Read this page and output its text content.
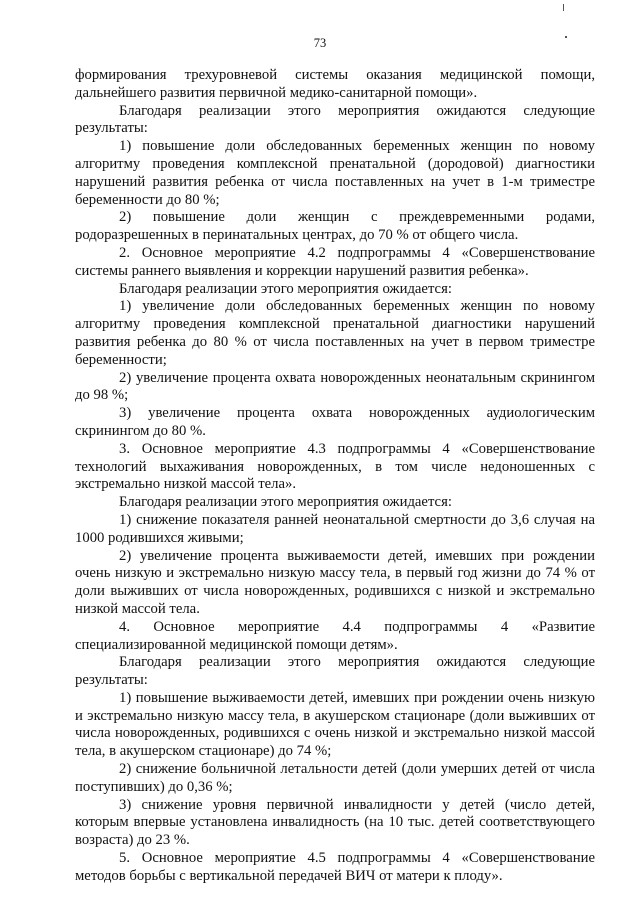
73

формирования трехуровневой системы оказания медицинской помощи, дальнейшего развития первичной медико-санитарной помощи».

Благодаря реализации этого мероприятия ожидаются следующие результаты:

1) повышение доли обследованных беременных женщин по новому алгоритму проведения комплексной пренатальной (дородовой) диагностики нарушений развития ребенка от числа поставленных на учет в 1-м триместре беременности до 80 %;

2) повышение доли женщин с преждевременными родами, родоразрешенных в перинатальных центрах, до 70 % от общего числа.

2. Основное мероприятие 4.2 подпрограммы 4 «Совершенствование системы раннего выявления и коррекции нарушений развития ребенка».

Благодаря реализации этого мероприятия ожидается:

1) увеличение доли обследованных беременных женщин по новому алгоритму проведения комплексной пренатальной диагностики нарушений развития ребенка до 80 % от числа поставленных на учет в первом триместре беременности;

2) увеличение процента охвата новорожденных неонатальным скринингом до 98 %;

3) увеличение процента охвата новорожденных аудиологическим скринингом до 80 %.

3. Основное мероприятие 4.3 подпрограммы 4 «Совершенствование технологий выхаживания новорожденных, в том числе недоношенных с экстремально низкой массой тела».

Благодаря реализации этого мероприятия ожидается:

1) снижение показателя ранней неонатальной смертности до 3,6 случая на 1000 родившихся живыми;

2) увеличение процента выживаемости детей, имевших при рождении очень низкую и экстремально низкую массу тела, в первый год жизни до 74 % от доли выживших от числа новорожденных, родившихся с низкой и экстремально низкой массой тела.

4. Основное мероприятие 4.4 подпрограммы 4 «Развитие специализированной медицинской помощи детям».

Благодаря реализации этого мероприятия ожидаются следующие результаты:

1) повышение выживаемости детей, имевших при рождении очень низкую и экстремально низкую массу тела, в акушерском стационаре (доли выживших от числа новорожденных, родившихся с очень низкой и экстремально низкой массой тела, в акушерском стационаре) до 74 %;

2) снижение больничной летальности детей (доли умерших детей от числа поступивших) до 0,36 %;

3) снижение уровня первичной инвалидности у детей (число детей, которым впервые установлена инвалидность (на 10 тыс. детей соответствующего возраста) до 23 %.

5. Основное мероприятие 4.5 подпрограммы 4 «Совершенствование методов борьбы с вертикальной передачей ВИЧ от матери к плоду».
